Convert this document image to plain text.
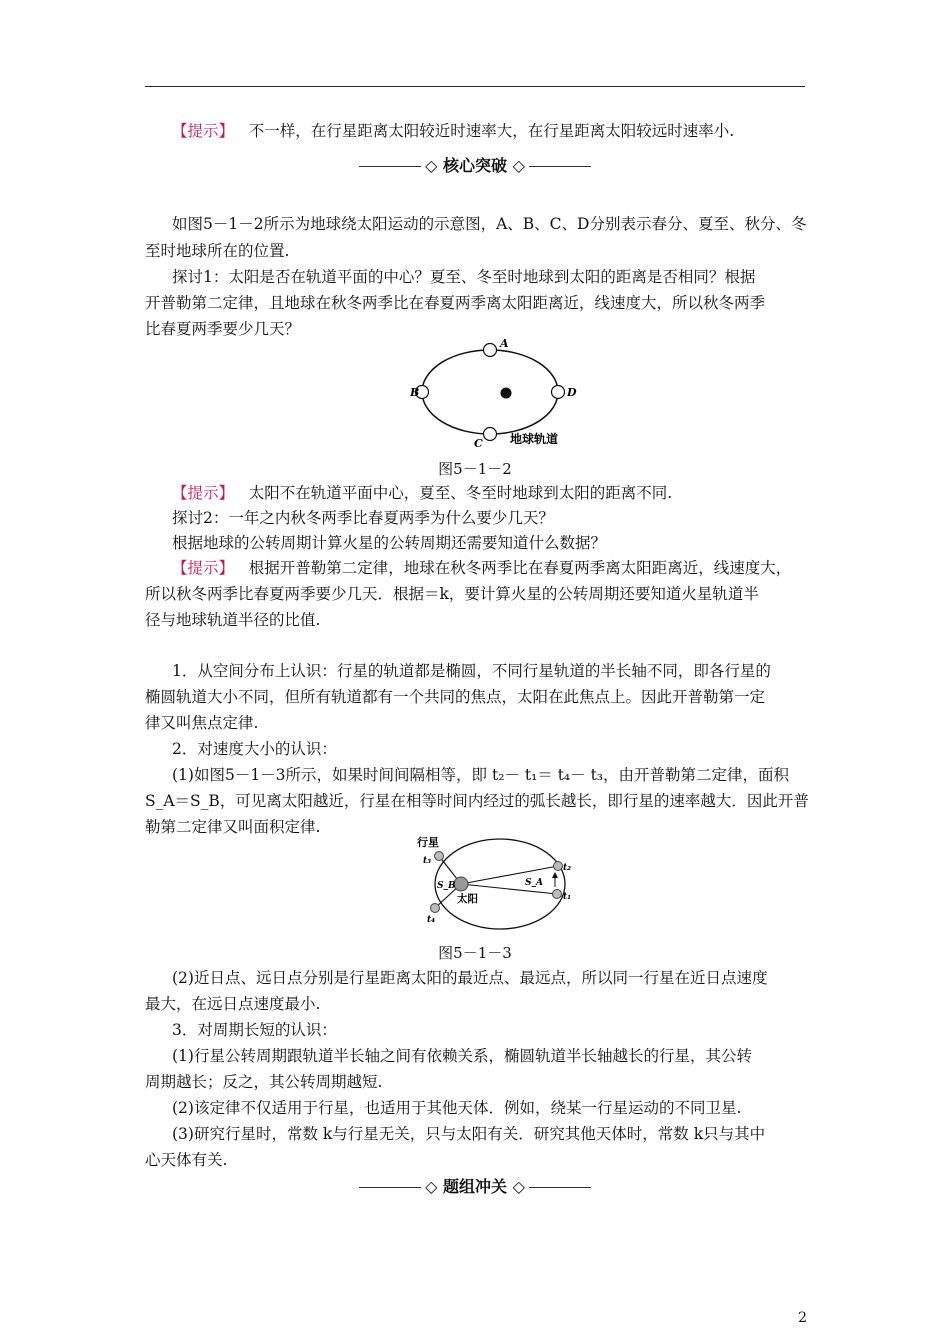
【提示】 不一样，在行星距离太阳较近时速率大，在行星距离太阳较远时速率小.

◇ 核心突破 ◇

如图5－1－2所示为地球绕太阳运动的示意图，A、B、C、D分别表示春分、夏至、秋分、冬

至时地球所在的位置.

探讨1：太阳是否在轨道平面的中心？夏至、冬至时地球到太阳的距离是否相同？根据

开普勒第二定律，且地球在秋冬两季比在春夏两季离太阳距离近，线速度大，所以秋冬两季

比春夏两季要少几天？

A
B
C
D
地球轨道
图5－1－2

【提示】 太阳不在轨道平面中心，夏至、冬至时地球到太阳的距离不同.

探讨2：一年之内秋冬两季比春夏两季为什么要少几天？

根据地球的公转周期计算火星的公转周期还需要知道什么数据？

【提示】 根据开普勒第二定律，地球在秋冬两季比在春夏两季离太阳距离近，线速度大，

所以秋冬两季比春夏两季要少几天．根据＝k，要计算火星的公转周期还要知道火星轨道半

径与地球轨道半径的比值.

1．从空间分布上认识：行星的轨道都是椭圆，不同行星轨道的半长轴不同，即各行星的

椭圆轨道大小不同，但所有轨道都有一个共同的焦点，太阳在此焦点上。因此开普勒第一定

律又叫焦点定律.

2．对速度大小的认识：

(1)如图5－1－3所示，如果时间间隔相等，即 t₂－ t₁＝ t₄－ t₃，由开普勒第二定律，面积

S_A＝S_B，可见离太阳越近，行星在相等时间内经过的弧长越长，即行星的速率越大．因此开普

勒第二定律又叫面积定律.

行星
t₃
t₄
t₂
t₁
S_B	S_A
太阳
图5－1－3

(2)近日点、远日点分别是行星距离太阳的最近点、最远点，所以同一行星在近日点速度

最大，在远日点速度最小.

3．对周期长短的认识：

(1)行星公转周期跟轨道半长轴之间有依赖关系，椭圆轨道半长轴越长的行星，其公转

周期越长；反之，其公转周期越短.

(2)该定律不仅适用于行星，也适用于其他天体．例如，绕某一行星运动的不同卫星.

(3)研究行星时，常数 k与行星无关，只与太阳有关．研究其他天体时，常数 k只与其中

心天体有关.

◇ 题组冲关 ◇
2
